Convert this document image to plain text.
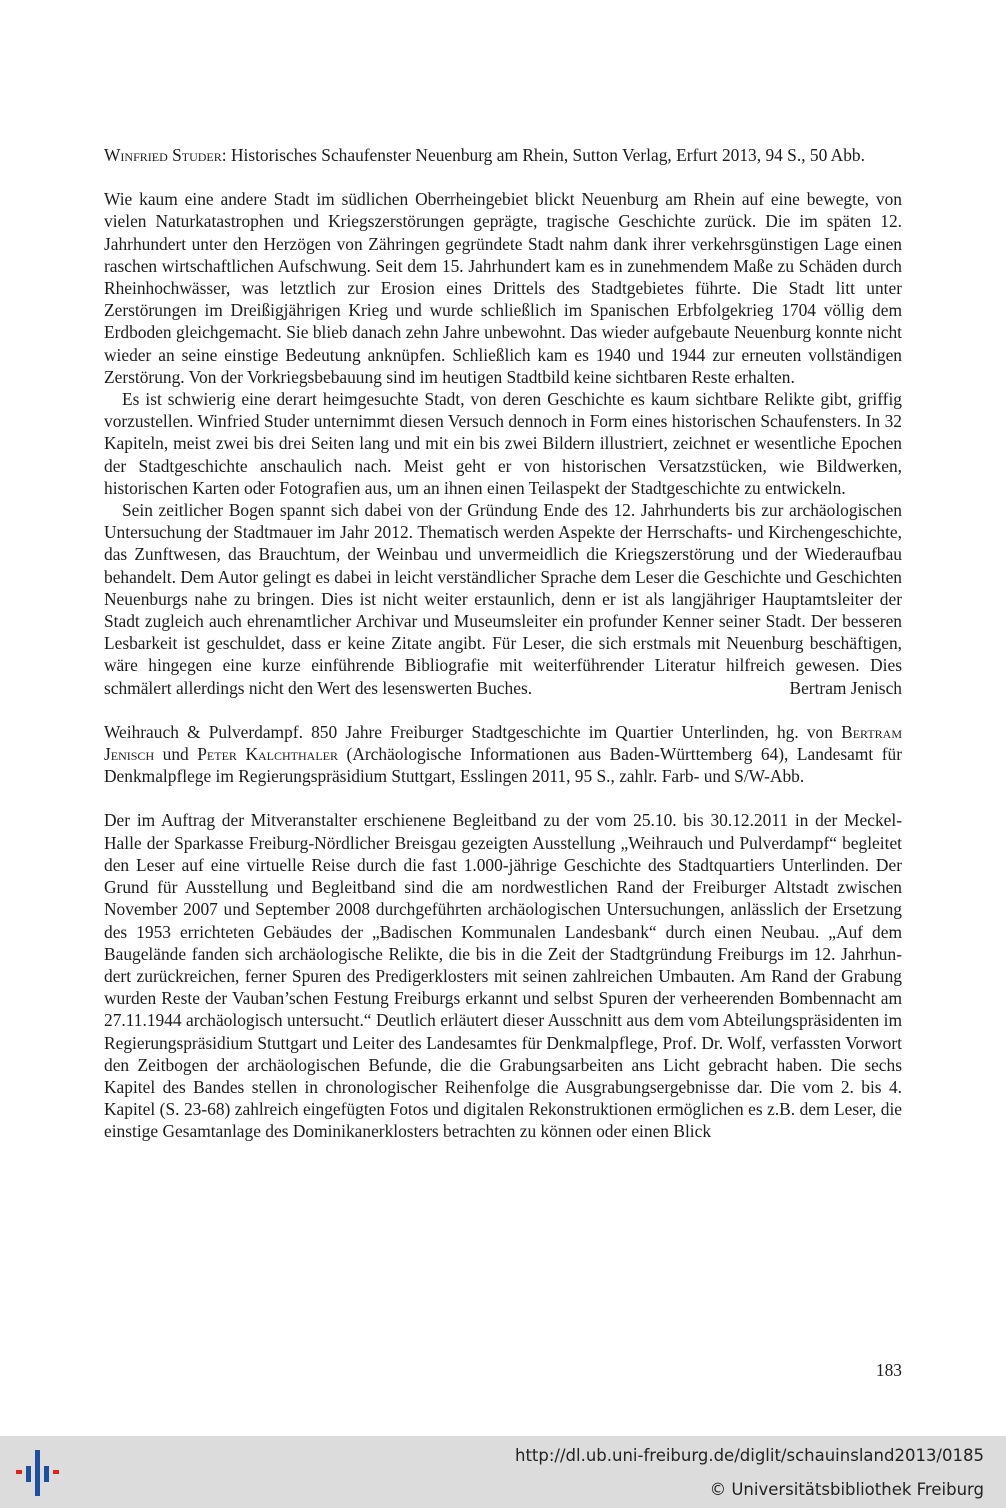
Winfried Studer: Historisches Schaufenster Neuenburg am Rhein, Sutton Verlag, Erfurt 2013, 94 S., 50 Abb.

Wie kaum eine andere Stadt im südlichen Oberrheingebiet blickt Neuenburg am Rhein auf eine bewegte, von vielen Naturkatastrophen und Kriegszerstörungen geprägte, tragische Geschichte zurück. Die im späten 12. Jahrhundert unter den Herzögen von Zähringen gegründete Stadt nahm dank ihrer verkehrsgünstigen Lage einen raschen wirtschaftlichen Aufschwung. Seit dem 15. Jahrhundert kam es in zunehmendem Maße zu Schäden durch Rheinhochwässer, was letztlich zur Erosion eines Drittels des Stadtgebietes führte. Die Stadt litt unter Zerstörungen im Dreißigjährigen Krieg und wurde schließlich im Spanischen Erbfolgekrieg 1704 völlig dem Erdboden gleichgemacht. Sie blieb danach zehn Jahre unbewohnt. Das wieder aufgebaute Neuenburg konnte nicht wieder an seine einstige Bedeutung anknüpfen. Schließlich kam es 1940 und 1944 zur erneuten vollständigen Zerstörung. Von der Vorkriegsbebauung sind im heutigen Stadtbild keine sichtbaren Reste erhalten.

Es ist schwierig eine derart heimgesuchte Stadt, von deren Geschichte es kaum sichtbare Relikte gibt, griffig vorzustellen. Winfried Studer unternimmt diesen Versuch dennoch in Form eines historischen Schaufensters. In 32 Kapiteln, meist zwei bis drei Seiten lang und mit ein bis zwei Bildern illustriert, zeichnet er wesentliche Epochen der Stadtgeschichte anschaulich nach. Meist geht er von historischen Versatzstücken, wie Bildwerken, historischen Karten oder Fotografien aus, um an ihnen einen Teilaspekt der Stadtgeschichte zu entwickeln.

Sein zeitlicher Bogen spannt sich dabei von der Gründung Ende des 12. Jahrhunderts bis zur archäologischen Untersuchung der Stadtmauer im Jahr 2012. Thematisch werden Aspekte der Herrschafts- und Kirchengeschichte, das Zunftwesen, das Brauchtum, der Weinbau und unvermeidlich die Kriegszerstörung und der Wiederaufbau behandelt. Dem Autor gelingt es dabei in leicht verständlicher Sprache dem Leser die Geschichte und Geschichten Neuenburgs nahe zu bringen. Dies ist nicht weiter erstaunlich, denn er ist als langjähriger Hauptamtsleiter der Stadt zugleich auch ehrenamtlicher Archivar und Museumsleiter ein profunder Kenner seiner Stadt. Der besseren Lesbarkeit ist geschuldet, dass er keine Zitate angibt. Für Leser, die sich erstmals mit Neuenburg beschäftigen, wäre hingegen eine kurze einführende Bibliografie mit weiterführender Literatur hilfreich gewesen. Dies schmälert allerdings nicht den Wert des lesenswerten Buches.	Bertram Jenisch

Weihrauch & Pulverdampf. 850 Jahre Freiburger Stadtgeschichte im Quartier Unterlinden, hg. von Bertram Jenisch und Peter Kalchthaler (Archäologische Informationen aus Baden-Württemberg 64), Landesamt für Denkmalpflege im Regierungspräsidium Stuttgart, Esslingen 2011, 95 S., zahlr. Farb- und S/W-Abb.

Der im Auftrag der Mitveranstalter erschienene Begleitband zu der vom 25.10. bis 30.12.2011 in der Meckel-Halle der Sparkasse Freiburg-Nördlicher Breisgau gezeigten Ausstellung „Weihrauch und Pulverdampf“ begleitet den Leser auf eine virtuelle Reise durch die fast 1.000-jährige Geschichte des Stadtquartiers Unterlinden. Der Grund für Ausstellung und Begleitband sind die am nordwestlichen Rand der Freiburger Altstadt zwischen November 2007 und September 2008 durchgeführten archäologischen Untersuchungen, anlässlich der Ersetzung des 1953 errichteten Gebäudes der „Badischen Kommunalen Landesbank“ durch einen Neubau. „Auf dem Baugelände fanden sich archäologische Relikte, die bis in die Zeit der Stadtgründung Freiburgs im 12. Jahrhundert zurückreichen, ferner Spuren des Predigerklosters mit seinen zahlreichen Umbauten. Am Rand der Grabung wurden Reste der Vauban’schen Festung Freiburgs erkannt und selbst Spuren der verheerenden Bombennacht am 27.11.1944 archäologisch untersucht.“ Deutlich erläutert dieser Ausschnitt aus dem vom Abteilungspräsidenten im Regierungspräsidium Stuttgart und Leiter des Landesamtes für Denkmalpflege, Prof. Dr. Wolf, verfassten Vorwort den Zeitbogen der archäologischen Befunde, die die Grabungsarbeiten ans Licht gebracht haben. Die sechs Kapitel des Bandes stellen in chronologischer Reihenfolge die Ausgrabungsergebnisse dar. Die vom 2. bis 4. Kapitel (S. 23-68) zahlreich eingefügten Fotos und digitalen Rekonstruktionen ermöglichen es z.B. dem Leser, die einstige Gesamtanlage des Dominikanerklosters betrachten zu können oder einen Blick

183
http://dl.ub.uni-freiburg.de/diglit/schauinsland2013/0185
© Universitätsbibliothek Freiburg
